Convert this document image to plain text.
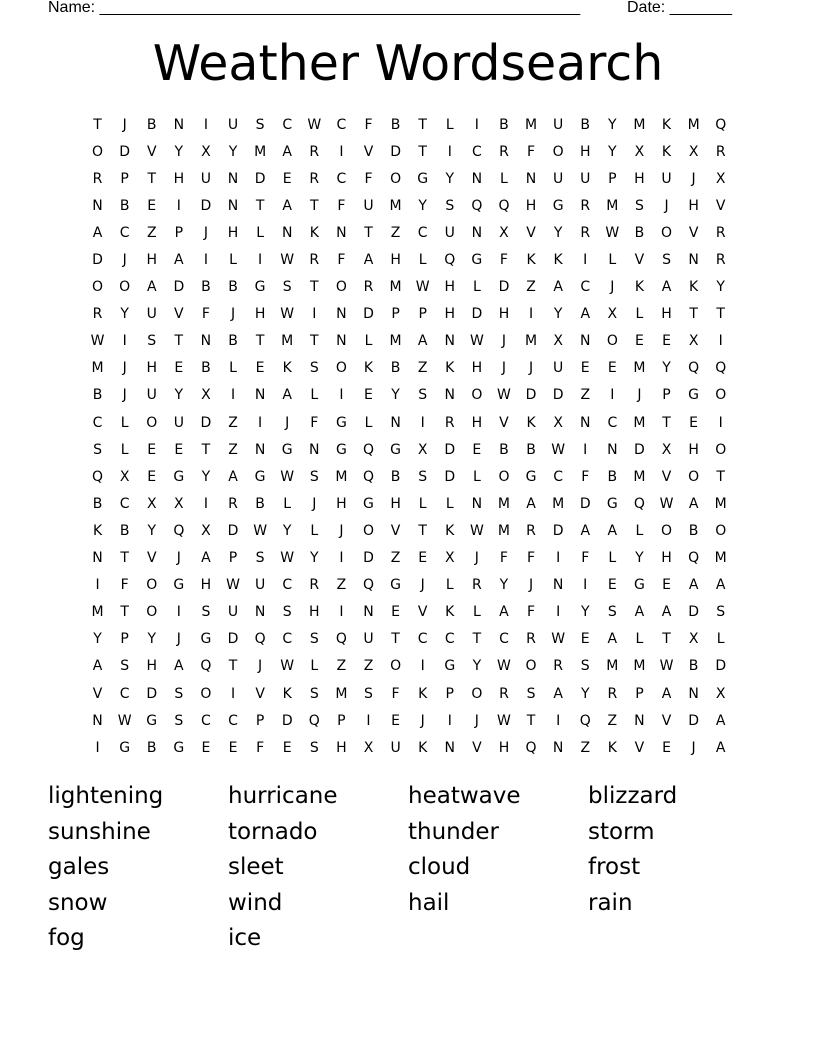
Name: ______________________________________________________	Date: _______
Weather Wordsearch
T	J	B	N	I	U	S	C	W	C	F	B	T	L	I	B	M	U	B	Y	M	K	M	Q
O	D	V	Y	X	Y	M	A	R	I	V	D	T	I	C	R	F	O	H	Y	X	K	X	R
R	P	T	H	U	N	D	E	R	C	F	O	G	Y	N	L	N	U	U	P	H	U	J	X
N	B	E	I	D	N	T	A	T	F	U	M	Y	S	Q	Q	H	G	R	M	S	J	H	V
A	C	Z	P	J	H	L	N	K	N	T	Z	C	U	N	X	V	Y	R	W	B	O	V	R
D	J	H	A	I	L	I	W	R	F	A	H	L	Q	G	F	K	K	I	L	V	S	N	R
O	O	A	D	B	B	G	S	T	O	R	M	W	H	L	D	Z	A	C	J	K	A	K	Y
R	Y	U	V	F	J	H	W	I	N	D	P	P	H	D	H	I	Y	A	X	L	H	T	T
W	I	S	T	N	B	T	M	T	N	L	M	A	N	W	J	M	X	N	O	E	E	X	I
M	J	H	E	B	L	E	K	S	O	K	B	Z	K	H	J	J	U	E	E	M	Y	Q	Q
B	J	U	Y	X	I	N	A	L	I	E	Y	S	N	O	W	D	D	Z	I	J	P	G	O
C	L	O	U	D	Z	I	J	F	G	L	N	I	R	H	V	K	X	N	C	M	T	E	I
S	L	E	E	T	Z	N	G	N	G	Q	G	X	D	E	B	B	W	I	N	D	X	H	O
Q	X	E	G	Y	A	G	W	S	M	Q	B	S	D	L	O	G	C	F	B	M	V	O	T
B	C	X	X	I	R	B	L	J	H	G	H	L	L	N	M	A	M	D	G	Q	W	A	M
K	B	Y	Q	X	D	W	Y	L	J	O	V	T	K	W	M	R	D	A	A	L	O	B	O
N	T	V	J	A	P	S	W	Y	I	D	Z	E	X	J	F	F	I	F	L	Y	H	Q	M
I	F	O	G	H	W	U	C	R	Z	Q	G	J	L	R	Y	J	N	I	E	G	E	A	A
M	T	O	I	S	U	N	S	H	I	N	E	V	K	L	A	F	I	Y	S	A	A	D	S
Y	P	Y	J	G	D	Q	C	S	Q	U	T	C	C	T	C	R	W	E	A	L	T	X	L
A	S	H	A	Q	T	J	W	L	Z	Z	O	I	G	Y	W	O	R	S	M	M	W	B	D
V	C	D	S	O	I	V	K	S	M	S	F	K	P	O	R	S	A	Y	R	P	A	N	X
N	W	G	S	C	C	P	D	Q	P	I	E	J	I	J	W	T	I	Q	Z	N	V	D	A
I	G	B	G	E	E	F	E	S	H	X	U	K	N	V	H	Q	N	Z	K	V	E	J	A
lightening	hurricane	heatwave	blizzard
sunshine	tornado	thunder	storm
gales	sleet	cloud	frost
snow	wind	hail	rain
fog	ice
